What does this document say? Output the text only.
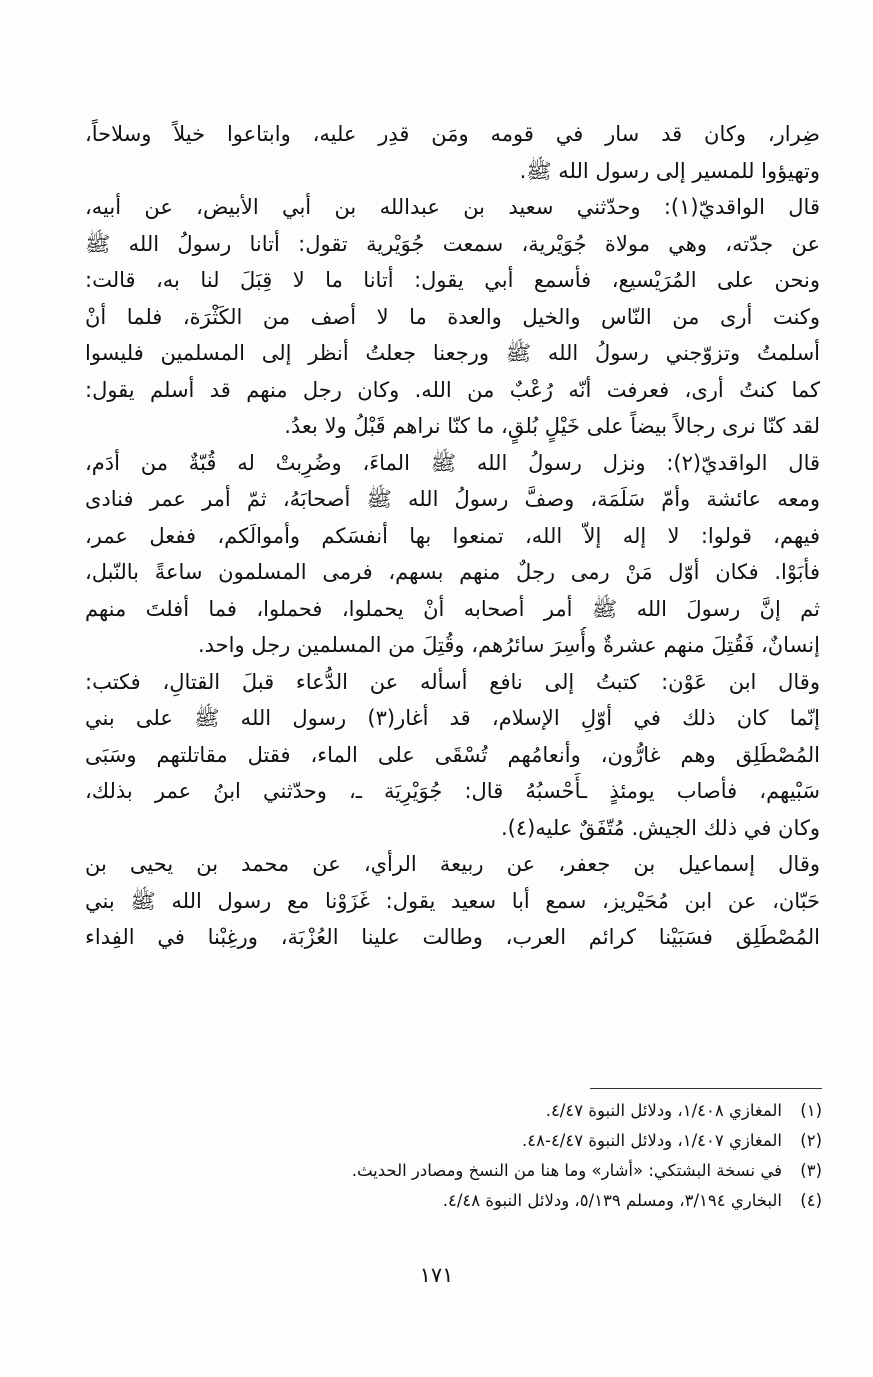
ضِرار، وكان قد سار في قومه ومَن قدِر عليه، وابتاعوا خيلاً وسلاحاً،
وتهيؤوا للمسير إلى رسول الله ﷺ.
قال الواقديّ(١): وحدّثني سعيد بن عبدالله بن أبي الأبيض، عن أبيه،
عن جدّته، وهي مولاة جُوَيْرية، سمعت جُوَيْرية تقول: أتانا رسولُ الله ﷺ
ونحن على المُرَيْسيع، فأسمع أبي يقول: أتانا ما لا قِبَلَ لنا به، قالت:
وكنت أرى من النّاس والخيل والعدة ما لا أصف من الكَثْرَة، فلما أنْ
أسلمتُ وتزوّجني رسولُ الله ﷺ ورجعنا جعلتُ أنظر إلى المسلمين فليسوا
كما كنتُ أرى، فعرفت أنّه رُعْبٌ من الله. وكان رجل منهم قد أسلم يقول:
لقد كنّا نرى رجالاً بيضاً على خَيْلٍ بُلقٍ، ما كنّا نراهم قَبْلُ ولا بعدُ.
قال الواقديّ(٢): ونزل رسولُ الله ﷺ الماءَ، وضُرِبتْ له قُبّةٌ من أدَم،
ومعه عائشة وأمّ سَلَمَة، وصفَّ رسولُ الله ﷺ أصحابَهُ، ثمّ أمر عمر فنادى
فيهم، قولوا: لا إله إلاّ الله، تمنعوا بها أنفسَكم وأموالَكم، ففعل عمر،
فأبَوْا. فكان أوّل مَنْ رمى رجلٌ منهم بسهم، فرمى المسلمون ساعةً بالنّبل،
ثم إنَّ رسولَ الله ﷺ أمر أصحابه أنْ يحملوا، فحملوا، فما أفلتَ منهم
إنسانٌ، فَقُتِلَ منهم عشرةٌ وأُسِرَ سائرُهم، وقُتِلَ من المسلمين رجل واحد.
وقال ابن عَوْن: كتبتُ إلى نافع أسأله عن الدُّعاء قبلَ القتالِ، فكتب:
إنّما كان ذلك في أوّلِ الإسلام، قد أغار(٣) رسول الله ﷺ على بني
المُصْطَلِق وهم غارُّون، وأنعامُهم تُسْقَى على الماء، فقتل مقاتلتهم وسَبَى
سَبْيهم، فأصاب يومئذٍ ـأَحْسبُهُ قال: جُوَيْرِيَة ـ، وحدّثني ابنُ عمر بذلك،
وكان في ذلك الجيش. مُتّفَقٌ عليه(٤).
وقال إسماعيل بن جعفر، عن ربيعة الرأي، عن محمد بن يحيى بن
حَبّان، عن ابن مُحَيْريز، سمع أبا سعيد يقول: غَزَوْنا مع رسول الله ﷺ بني
المُصْطَلِق فسَبَيْنا كرائم العرب، وطالت علينا العُزْبَة، ورغِبْنا في الفِداء
(١)
المغازي ١/٤٠٨، ودلائل النبوة ٤/٤٧.
(٢)
المغازي ١/٤٠٧، ودلائل النبوة ٤/٤٧-٤٨.
(٣)
في نسخة البشتكي: «أشار» وما هنا من النسخ ومصادر الحديث.
(٤)
البخاري ٣/١٩٤، ومسلم ٥/١٣٩، ودلائل النبوة ٤/٤٨.
١٧١
